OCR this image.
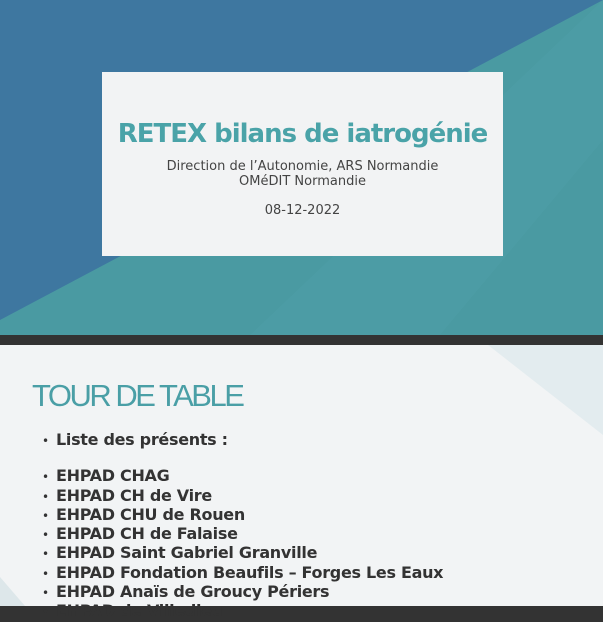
RETEX bilans de iatrogénie
Direction de l’Autonomie, ARS Normandie
OMéDIT Normandie
08-12-2022
TOUR DE TABLE
• Liste des présents :
• EHPAD CHAG
• EHPAD CH de Vire
• EHPAD CHU de Rouen
• EHPAD CH de Falaise
• EHPAD Saint Gabriel Granville
• EHPAD Fondation Beaufils – Forges Les Eaux
• EHPAD Anaïs de Groucy Périers
• EHPAD de Villedieu
